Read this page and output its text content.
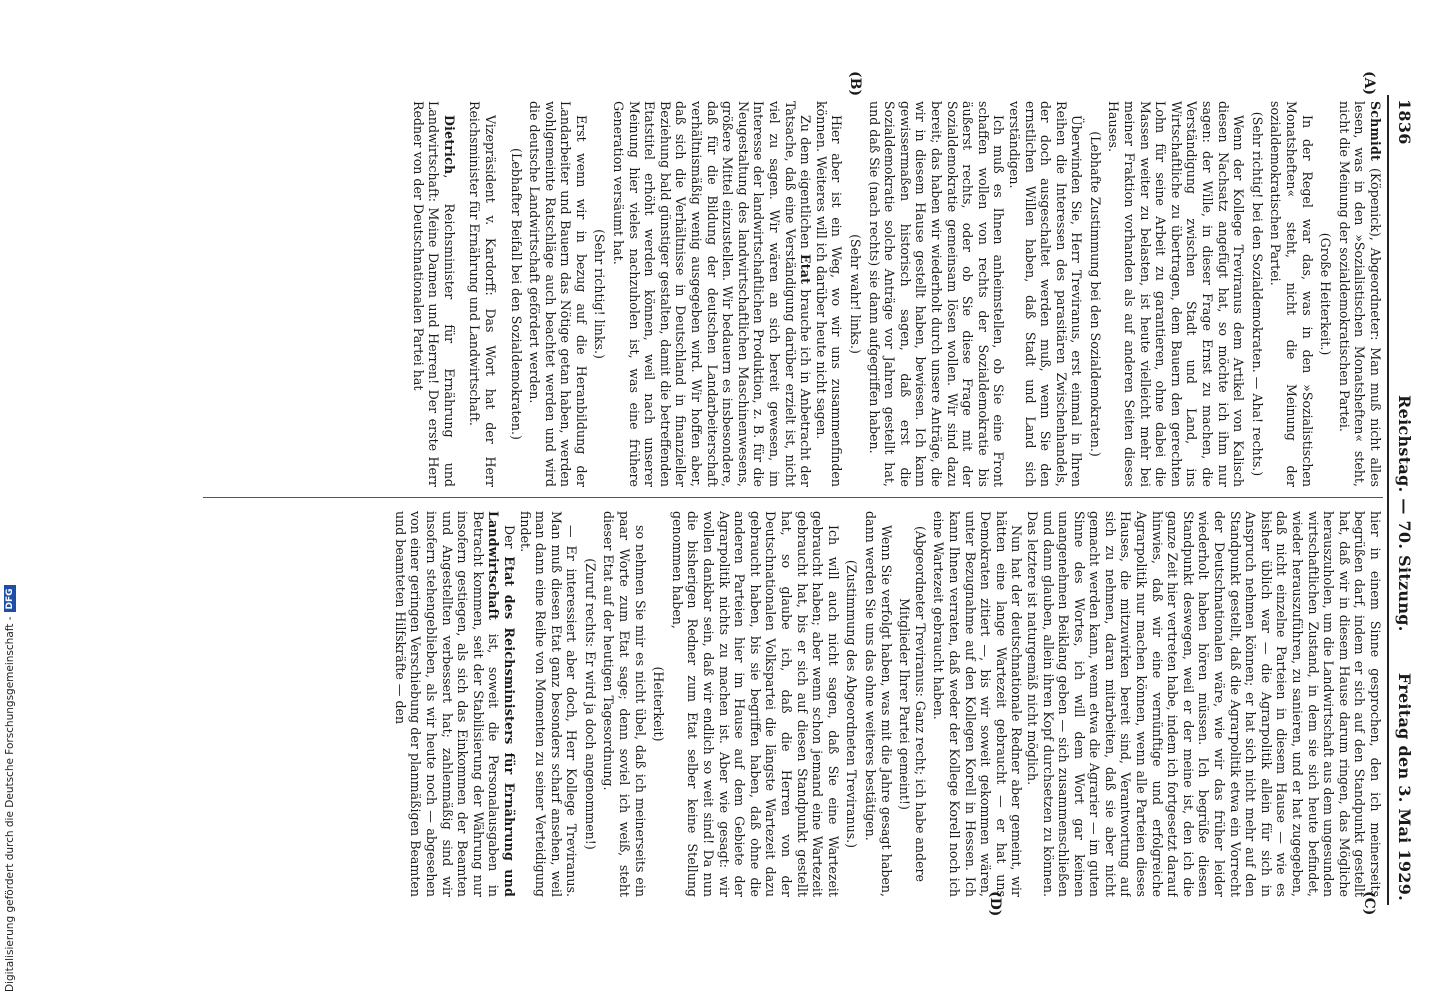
1836
Reichstag. — 70. Sitzung.
Freitag den 3. Mai 1929.
(A)
(B)
(C)
(D)

Schmidt (Köpenick), Abgeordneter: Man muß nicht alles lesen, was in den »Sozialistischen Monatsheften« steht, nicht die Meinung der sozialdemokratischen Partei.

(Große Heiterkeit.)

In der Regel war das, was in den »Sozialistischen Monatsheften« steht, nicht die Meinung der sozialdemokratischen Partei.

(Sehr richtig! bei den Sozialdemokraten. — Aha! rechts.)

Wenn der Kollege Treviranus dem Artikel von Kalisch diesen Nachsatz angefügt hat, so möchte ich ihm nur sagen: der Wille, in dieser Frage Ernst zu machen, die Verständigung zwischen Stadt und Land, ins Wirtschaftliche zu übertragen, dem Bauern den gerechten Lohn für seine Arbeit zu garantieren, ohne dabei die Massen weiter zu belasten, ist heute vielleicht mehr bei meiner Fraktion vorhanden als auf anderen Seiten dieses Hauses.

(Lebhafte Zustimmung bei den Sozialdemokraten.)

Überwinden Sie, Herr Treviranus, erst einmal in Ihren Reihen die Interessen des parasitären Zwischenhandels, der doch ausgeschaltet werden muß, wenn Sie den ernstlichen Willen haben, daß Stadt und Land sich verständigen.

Ich muß es Ihnen anheimstellen, ob Sie eine Front schaffen wollen von rechts der Sozialdemokratie bis äußerst rechts, oder ob Sie diese Frage mit der Sozialdemokratie gemeinsam lösen wollen. Wir sind dazu bereit; das haben wir wiederholt durch unsere Anträge, die wir in diesem Hause gestellt haben, bewiesen. Ich kann gewissermaßen historisch sagen, daß erst die Sozialdemokratie solche Anträge vor Jahren gestellt hat, und daß Sie (nach rechts) sie dann aufgegriffen haben.

(Sehr wahr! links.)

Hier aber ist ein Weg, wo wir uns zusammenfinden können. Weiteres will ich darüber heute nicht sagen.

Zu dem eigentlichen Etat brauche ich in Anbetracht der Tatsache, daß eine Verständigung darüber erzielt ist, nicht viel zu sagen. Wir wären an sich bereit gewesen, im Interesse der landwirtschaftlichen Produktion, z. B. für die Neugestaltung des landwirtschaftlichen Maschinenwesens, größere Mittel einzustellen. Wir bedauern es insbesondere, daß für die Bildung der deutschen Landarbeiterschaft verhältnismäßig wenig ausgegeben wird. Wir hoffen aber, daß sich die Verhältnisse in Deutschland in finanzieller Beziehung bald günstiger gestalten, damit die betreffenden Etatstitel erhöht werden können, weil nach unserer Meinung hier vieles nachzuholen ist, was eine frühere Generation versäumt hat.

(Sehr richtig! links.)

Erst wenn wir in bezug auf die Heranbildung der Landarbeiter und Bauern das Nötige getan haben, werden wohlgemeinte Ratschläge auch beachtet werden und wird die deutsche Landwirtschaft gefördert werden.

(Lebhafter Beifall bei den Sozialdemokraten.)

Vizepräsident v. Kardorff: Das Wort hat der Herr Reichsminister für Ernährung und Landwirtschaft.

Dietrich, Reichsminister für Ernährung und Landwirtschaft: Meine Damen und Herren! Der erste Herr Redner von der Deutschnationalen Partei hat

hier in einem Sinne gesprochen, den ich meinerseits begrüßen darf, indem er sich auf den Standpunkt gestellt hat, daß wir in diesem Hause darum ringen, das Mögliche herauszuholen, um die Landwirtschaft aus dem ungesunden wirtschaftlichen Zustand, in dem sie sich heute befindet, wieder herauszuführen, zu sanieren, und er hat zugegeben, daß nicht einzelne Parteien in diesem Hause — wie es bisher üblich war — die Agrarpolitik allein für sich in Anspruch nehmen können; er hat sich nicht mehr auf den Standpunkt gestellt, daß die Agrarpolitik etwa ein Vorrecht der Deutschnationalen wäre, wie wir das früher leider wiederholt haben hören müssen. Ich begrüße diesen Standpunkt deswegen, weil er der meine ist, den ich die ganze Zeit hier vertreten habe, indem ich fortgesetzt darauf hinwies, daß wir eine vernünftige und erfolgreiche Agrarpolitik nur machen können, wenn alle Parteien dieses Hauses, die mitzuwirken bereit sind, Verantwortung auf sich zu nehmen, daran mitarbeiten, daß sie aber nicht gemacht werden kann, wenn etwa die Agrarier — im guten Sinne des Wortes, ich will dem Wort gar keinen unangenehmen Beiklang geben — sich zusammenschließen und dann glauben, allein ihren Kopf durchsetzen zu können. Das letztere ist naturgemäß nicht möglich.

Nun hat der deutschnationale Redner aber gemeint, wir hätten eine lange Wartezeit gebraucht — er hat uns Demokraten zitiert —, bis wir soweit gekommen wären, unter Bezugnahme auf den Kollegen Korell in Hessen. Ich kann Ihnen verraten, daß weder der Kollege Korell noch ich eine Wartezeit gebraucht haben.

(Abgeordneter Treviranus: Ganz recht; ich habe andere Mitglieder Ihrer Partei gemeint!)

Wenn Sie verfolgt haben, was mit die Jahre gesagt haben, dann werden Sie uns das ohne weiteres bestätigen.

(Zustimmung des Abgeordneten Treviranus.)

Ich will auch nicht sagen, daß Sie eine Wartezeit gebraucht haben; aber wenn schon jemand eine Wartezeit gebraucht hat, bis er sich auf diesen Standpunkt gestellt hat, so glaube ich, daß die Herren von der Deutschnationalen Volkspartei die längste Wartezeit dazu gebraucht haben, bis sie begriffen haben, daß ohne die anderen Parteien hier im Hause auf dem Gebiete der Agrarpolitik nichts zu machen ist. Aber wie gesagt: wir wollen dankbar sein, daß wir endlich so weit sind! Da nun die bisherigen Redner zum Etat selber keine Stellung genommen haben,

(Heiterkeit)

so nehmen Sie mir es nicht übel, daß ich meinerseits ein paar Worte zum Etat sage; denn soviel ich weiß, steht dieser Etat auf der heutigen Tagesordnung.

(Zuruf rechts: Er wird ja doch angenommen!)

— Er interessiert aber doch, Herr Kollege Treviranus. Man muß diesen Etat ganz besonders scharf ansehen, weil man dann eine Reihe von Momenten zu seiner Verteidigung findet.

Der Etat des Reichsministers für Ernährung und Landwirtschaft ist, soweit die Personalausgaben in Betracht kommen, seit der Stabilisierung der Währung nur insofern gestiegen, als sich das Einkommen der Beamten und Angestellten verbessert hat; zahlenmäßig sind wir insofern stehengeblieben, als wir heute noch — abgesehen von einer geringen Verschiebung der planmäßigen Beamten und beamteten Hilfskräfte — den

Digitalisierung gefördert durch die Deutsche Forschungsgemeinschaft -
DFG
